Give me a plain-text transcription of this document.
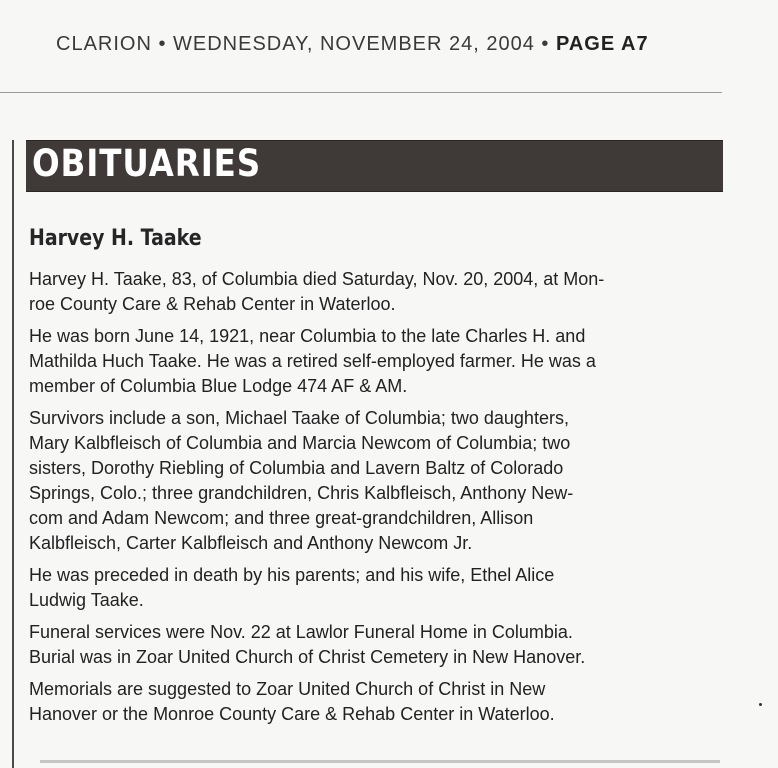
CLARION • WEDNESDAY, NOVEMBER 24, 2004 • PAGE A7
OBITUARIES
Harvey H. Taake
Harvey H. Taake, 83, of Columbia died Saturday, Nov. 20, 2004, at Mon-
roe County Care & Rehab Center in Waterloo.
He was born June 14, 1921, near Columbia to the late Charles H. and
Mathilda Huch Taake. He was a retired self-employed farmer. He was a
member of Columbia Blue Lodge 474 AF & AM.
Survivors include a son, Michael Taake of Columbia; two daughters,
Mary Kalbfleisch of Columbia and Marcia Newcom of Columbia; two
sisters, Dorothy Riebling of Columbia and Lavern Baltz of Colorado
Springs, Colo.; three grandchildren, Chris Kalbfleisch, Anthony New-
com and Adam Newcom; and three great-grandchildren, Allison
Kalbfleisch, Carter Kalbfleisch and Anthony Newcom Jr.
He was preceded in death by his parents; and his wife, Ethel Alice
Ludwig Taake.
Funeral services were Nov. 22 at Lawlor Funeral Home in Columbia.
Burial was in Zoar United Church of Christ Cemetery in New Hanover.
Memorials are suggested to Zoar United Church of Christ in New
Hanover or the Monroe County Care & Rehab Center in Waterloo.
